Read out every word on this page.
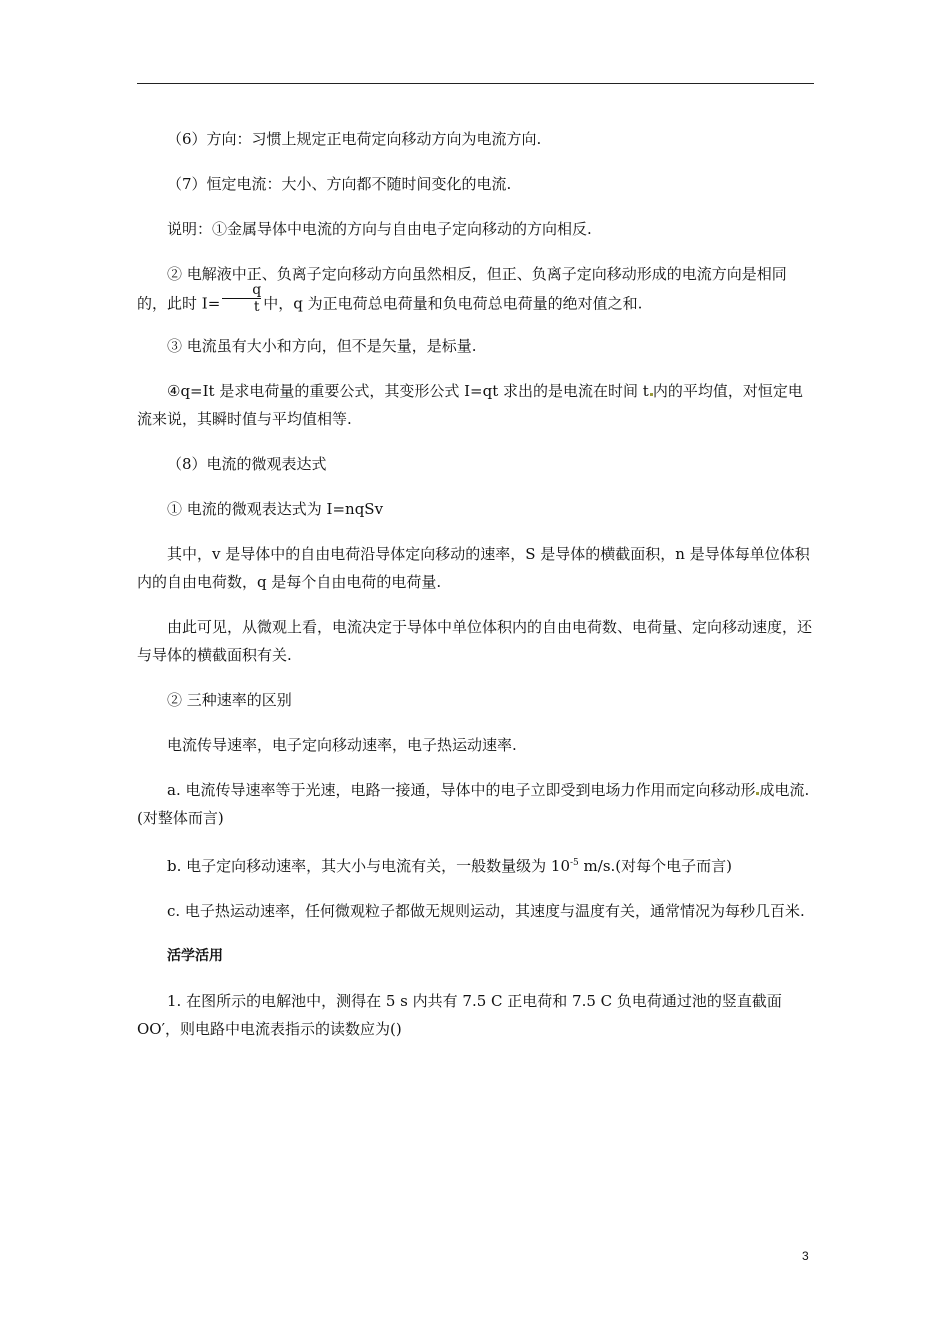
（6）方向：习惯上规定正电荷定向移动方向为电流方向.

（7）恒定电流：大小、方向都不随时间变化的电流.

说明：①金属导体中电流的方向与自由电子定向移动的方向相反.

② 电解液中正、负离子定向移动方向虽然相反，但正、负离子定向移动形成的电流方向是相同的，此时 $I= \frac{q}{t}$ 中，q 为正电荷总电荷量和负电荷总电荷量的绝对值之和.

③ 电流虽有大小和方向，但不是矢量，是标量.

④q=It 是求电荷量的重要公式，其变形公式 I=qt 求出的是电流在时间 t 内的平均值，对恒定电流来说，其瞬时值与平均值相等.

（8）电流的微观表达式

① 电流的微观表达式为 I=nqSv

其中，v 是导体中的自由电荷沿导体定向移动的速率，S 是导体的横截面积，n 是导体每单位体积内的自由电荷数，q 是每个自由电荷的电荷量.

由此可见，从微观上看，电流决定于导体中单位体积内的自由电荷数、电荷量、定向移动速度，还与导体的横截面积有关.

② 三种速率的区别

电流传导速率，电子定向移动速率，电子热运动速率.

a. 电流传导速率等于光速，电路一接通，导体中的电子立即受到电场力作用而定向移动形 成电流.(对整体而言)

b. 电子定向移动速率，其大小与电流有关，一般数量级为 $10^{-5}$ m/s.(对每个电子而言)

c. 电子热运动速率，任何微观粒子都做无规则运动，其速度与温度有关，通常情况为每秒几百米.

活学活用

1. 在图所示的电解池中，测得在 5 s 内共有 7.5 C 正电荷和 7.5 C 负电荷通过池的竖直截面 OO′，则电路中电流表指示的读数应为()

3
